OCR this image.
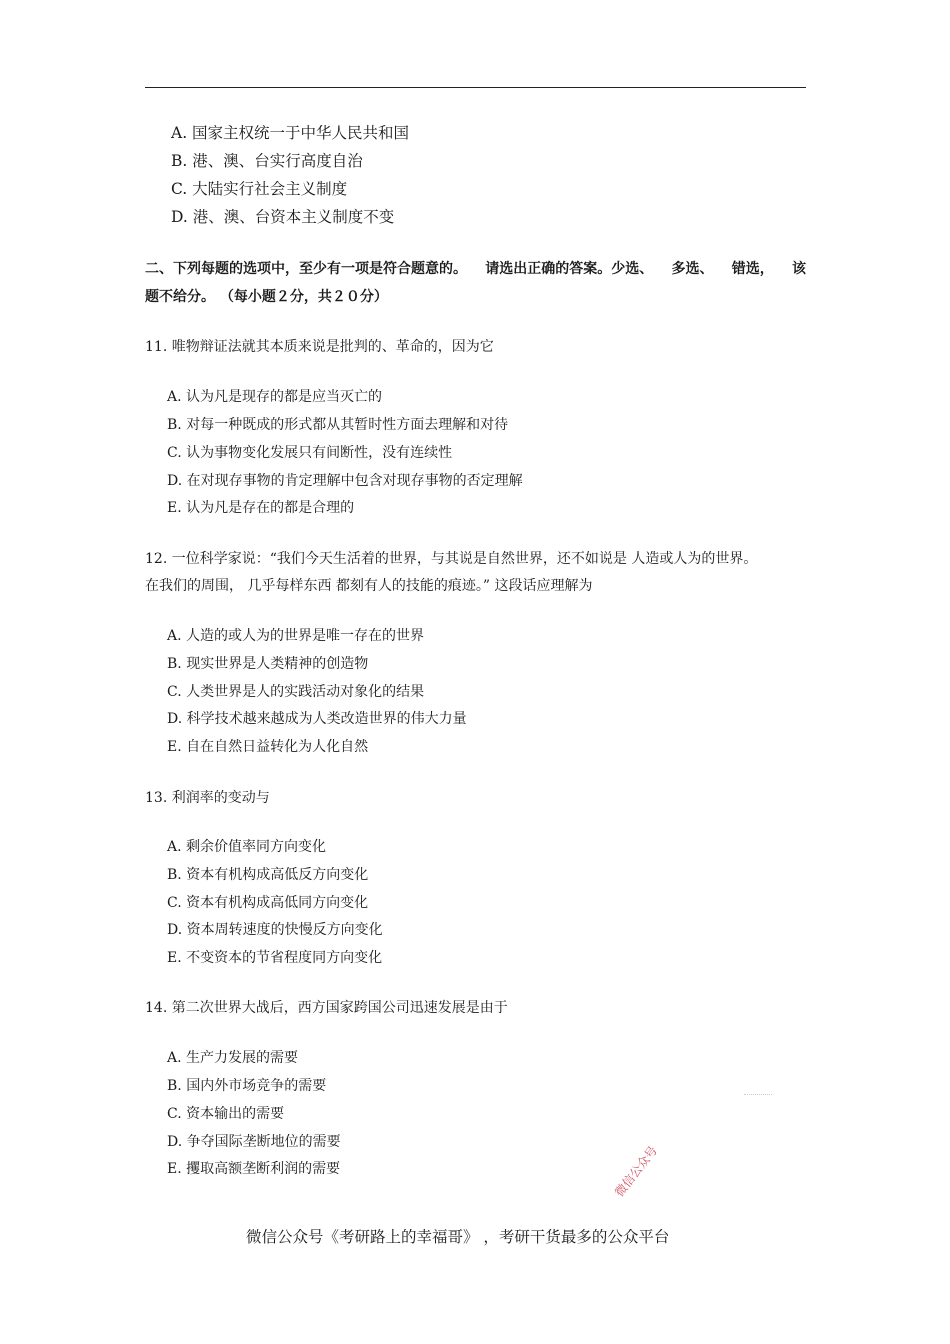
A. 国家主权统一于中华人民共和国
B. 港、澳、台实行高度自治
C. 大陆实行社会主义制度
D. 港、澳、台资本主义制度不变
二、下列每题的选项中，至少有一项是符合题意的。 请选出正确的答案。少选、 多选、 错选， 该
题不给分。 （每小题２分，共２０分）
11. 唯物辩证法就其本质来说是批判的、革命的，因为它
A. 认为凡是现存的都是应当灭亡的
B. 对每一种既成的形式都从其暂时性方面去理解和对待
C. 认为事物变化发展只有间断性，没有连续性
D. 在对现存事物的肯定理解中包含对现存事物的否定理解
E. 认为凡是存在的都是合理的
12. 一位科学家说：“我们今天生活着的世界，与其说是自然世界，还不如说是 人造或人为的世界。
在我们的周围， 几乎每样东西 都刻有人的技能的痕迹。” 这段话应理解为
A. 人造的或人为的世界是唯一存在的世界
B. 现实世界是人类精神的创造物
C. 人类世界是人的实践活动对象化的结果
D. 科学技术越来越成为人类改造世界的伟大力量
E. 自在自然日益转化为人化自然
13. 利润率的变动与
A. 剩余价值率同方向变化
B. 资本有机构成高低反方向变化
C. 资本有机构成高低同方向变化
D. 资本周转速度的快慢反方向变化
E. 不变资本的节省程度同方向变化
14. 第二次世界大战后，西方国家跨国公司迅速发展是由于
A. 生产力发展的需要
B. 国内外市场竞争的需要
C. 资本输出的需要
D. 争夺国际垄断地位的需要
E. 攫取高额垄断利润的需要	微信公众号
微信公众号《考研路上的幸福哥》 ，考研干货最多的公众平台
